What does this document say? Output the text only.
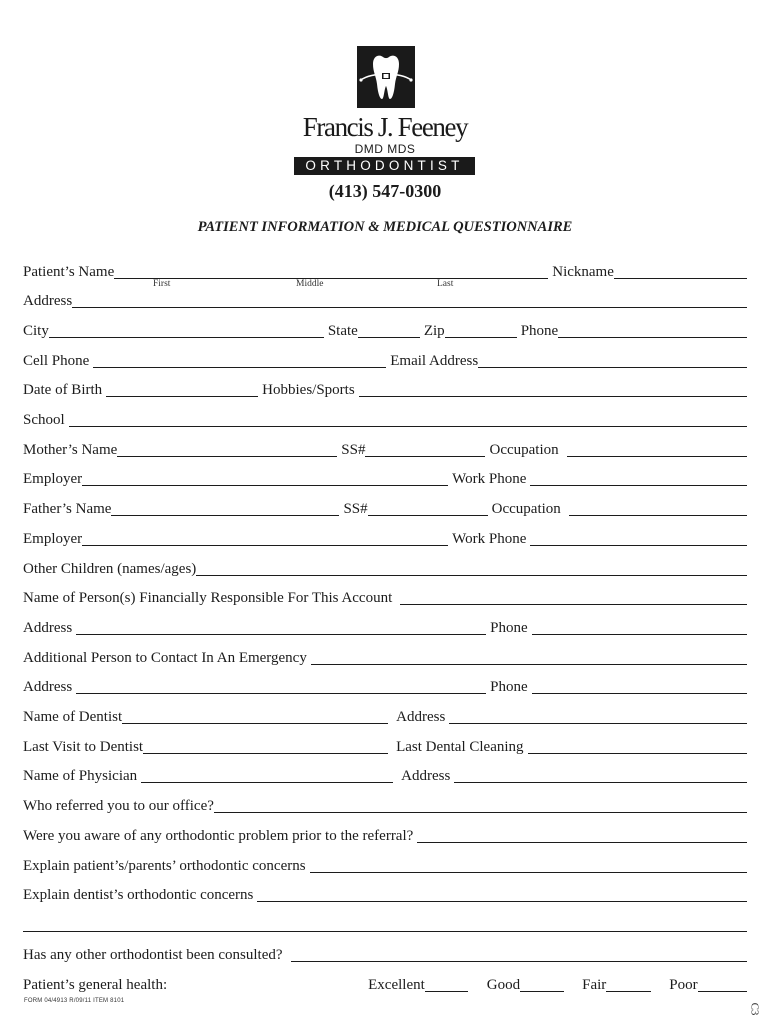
Francis J. Feeney
DMD MDS
ORTHODONTIST
(413) 547-0300
PATIENT INFORMATION & MEDICAL QUESTIONNAIRE
Patient’s Name	Nickname
First	Middle	Last
Address
City	State	Zip	Phone
Cell Phone	Email Address
Date of Birth	Hobbies/Sports
School
Mother’s Name	SS#	Occupation
Employer	Work Phone
Father’s Name	SS#	Occupation
Employer	Work Phone
Other Children (names/ages)
Name of Person(s) Financially Responsible For This Account
Address	Phone
Additional Person to Contact In An Emergency
Address	Phone
Name of Dentist	Address
Last Visit to Dentist	Last Dental Cleaning
Name of Physician	Address
Who referred you to our office?
Were you aware of any orthodontic problem prior to the referral?
Explain patient’s/parents’ orthodontic concerns
Explain dentist’s orthodontic concerns
Has any other orthodontist been consulted?
Patient’s general health:	Excellent	Good	Fair	Poor
FORM 04/4913 R/09/11 ITEM 8101
C3
